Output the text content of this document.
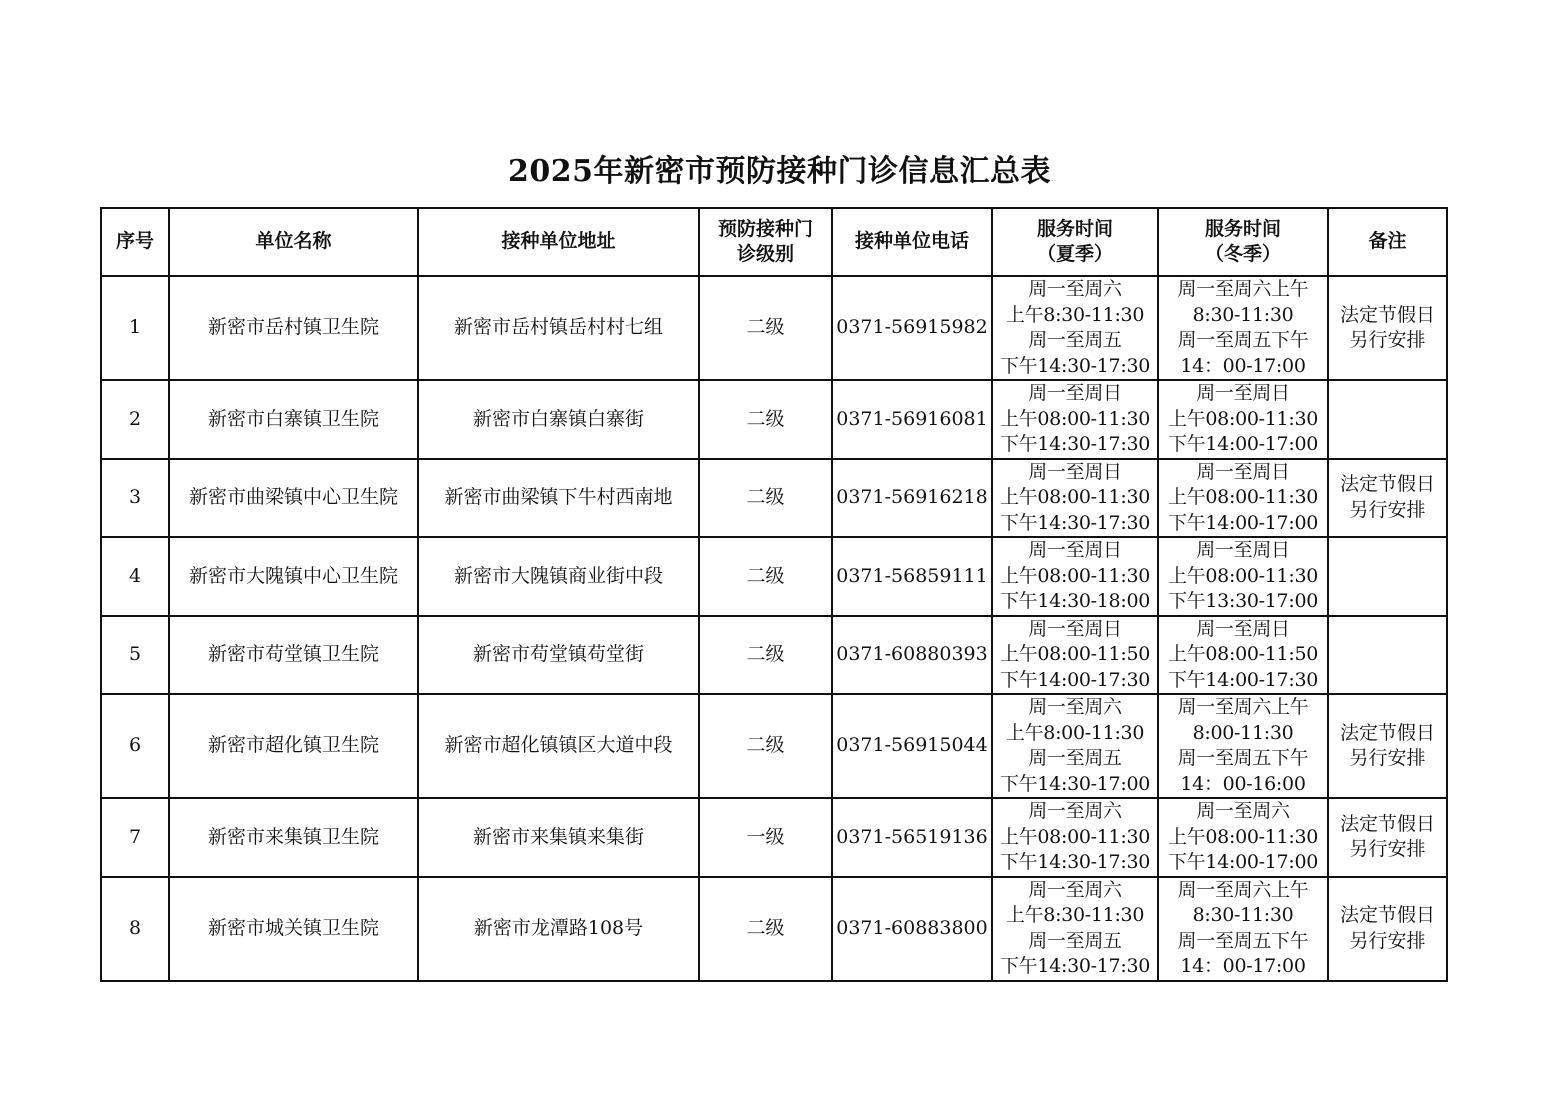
2025年新密市预防接种门诊信息汇总表
序号	单位名称	接种单位地址	预防接种门
诊级别	接种单位电话	服务时间
（夏季）	服务时间
（冬季）	备注
1	新密市岳村镇卫生院	新密市岳村镇岳村村七组	二级	0371-56915982	周一至周六
上午8:30-11:30
周一至周五
下午14:30-17:30	周一至周六上午
8:30-11:30
周一至周五下午
14：00-17:00	法定节假日
另行安排

2	新密市白寨镇卫生院	新密市白寨镇白寨街	二级	0371-56916081	周一至周日
上午08:00-11:30
下午14:30-17:30	周一至周日
上午08:00-11:30
下午14:00-17:00	

3	新密市曲梁镇中心卫生院	新密市曲梁镇下牛村西南地	二级	0371-56916218	周一至周日
上午08:00-11:30
下午14:30-17:30	周一至周日
上午08:00-11:30
下午14:00-17:00	法定节假日
另行安排

4	新密市大隗镇中心卫生院	新密市大隗镇商业街中段	二级	0371-56859111	周一至周日
上午08:00-11:30
下午14:30-18:00	周一至周日
上午08:00-11:30
下午13:30-17:00	

5	新密市苟堂镇卫生院	新密市苟堂镇苟堂街	二级	0371-60880393	周一至周日
上午08:00-11:50
下午14:00-17:30	周一至周日
上午08:00-11:50
下午14:00-17:30	

6	新密市超化镇卫生院	新密市超化镇镇区大道中段	二级	0371-56915044	周一至周六
上午8:00-11:30
周一至周五
下午14:30-17:00	周一至周六上午
8:00-11:30
周一至周五下午
14：00-16:00	法定节假日
另行安排

7	新密市来集镇卫生院	新密市来集镇来集街	一级	0371-56519136	周一至周六
上午08:00-11:30
下午14:30-17:30	周一至周六
上午08:00-11:30
下午14:00-17:00	法定节假日
另行安排

8	新密市城关镇卫生院	新密市龙潭路108号	二级	0371-60883800	周一至周六
上午8:30-11:30
周一至周五
下午14:30-17:30	周一至周六上午
8:30-11:30
周一至周五下午
14：00-17:00	法定节假日
另行安排
